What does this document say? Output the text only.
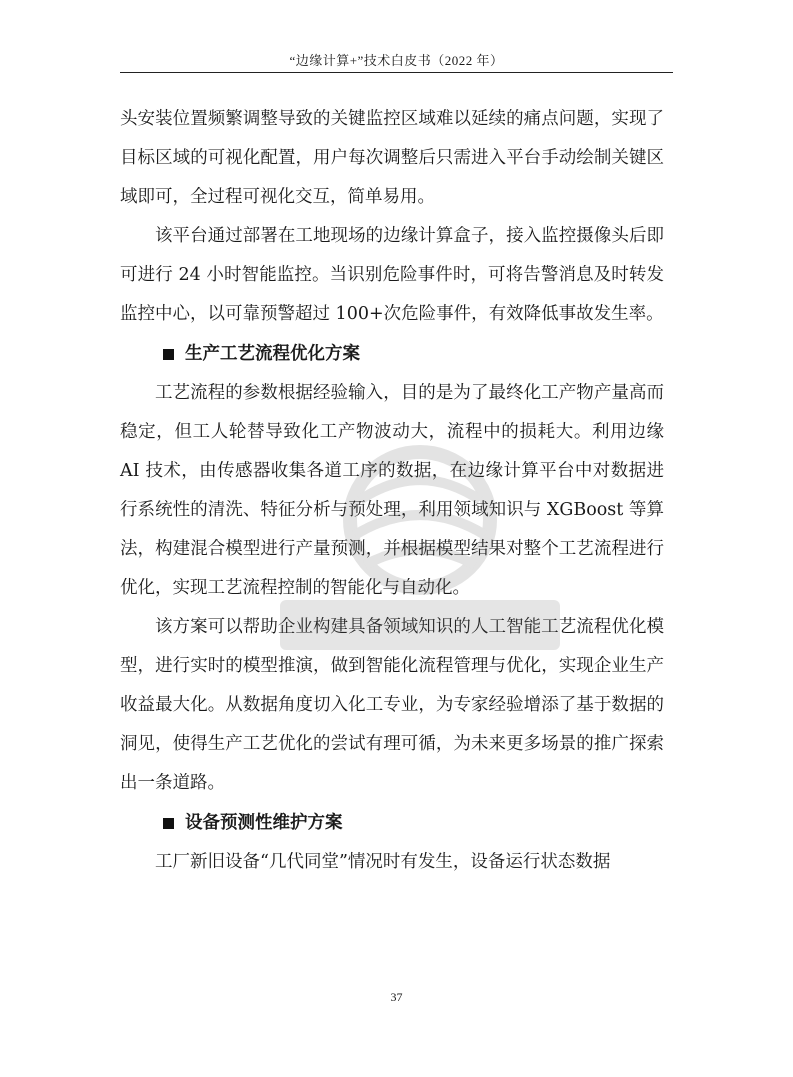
“边缘计算+”技术白皮书（2022 年）

头安装位置频繁调整导致的关键监控区域难以延续的痛点问题，实现了目标区域的可视化配置，用户每次调整后只需进入平台手动绘制关键区域即可，全过程可视化交互，简单易用。

该平台通过部署在工地现场的边缘计算盒子，接入监控摄像头后即可进行 24 小时智能监控。当识别危险事件时，可将告警消息及时转发监控中心，以可靠预警超过 100+次危险事件，有效降低事故发生率。

生产工艺流程优化方案

工艺流程的参数根据经验输入，目的是为了最终化工产物产量高而稳定，但工人轮替导致化工产物波动大，流程中的损耗大。利用边缘 AI 技术，由传感器收集各道工序的数据，在边缘计算平台中对数据进行系统性的清洗、特征分析与预处理，利用领域知识与 XGBoost 等算法，构建混合模型进行产量预测，并根据模型结果对整个工艺流程进行优化，实现工艺流程控制的智能化与自动化。

该方案可以帮助企业构建具备领域知识的人工智能工艺流程优化模型，进行实时的模型推演，做到智能化流程管理与优化，实现企业生产收益最大化。从数据角度切入化工专业，为专家经验增添了基于数据的洞见，使得生产工艺优化的尝试有理可循，为未来更多场景的推广探索出一条道路。

设备预测性维护方案

工厂新旧设备“几代同堂”情况时有发生，设备运行状态数据

37
